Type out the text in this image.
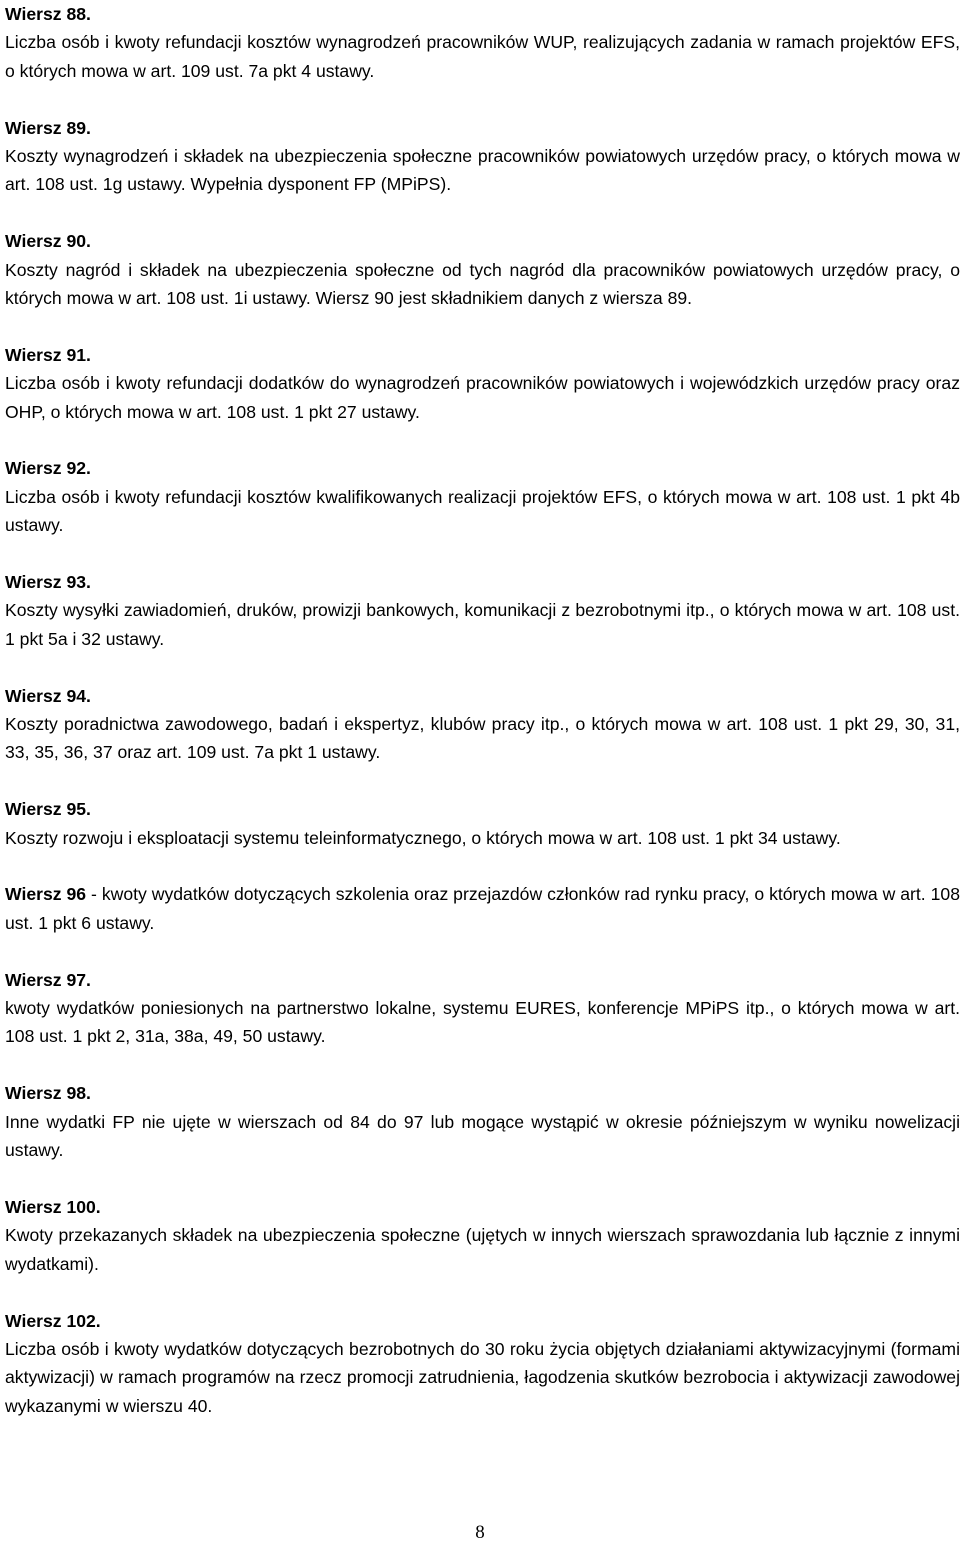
Wiersz 88.
Liczba osób i kwoty refundacji kosztów wynagrodzeń pracowników WUP, realizujących zadania w ramach projektów EFS, o których mowa w art. 109 ust. 7a pkt 4 ustawy.

Wiersz 89.
Koszty wynagrodzeń i składek na ubezpieczenia społeczne pracowników powiatowych urzędów pracy, o których mowa w art. 108 ust. 1g ustawy. Wypełnia dysponent FP (MPiPS).

Wiersz 90.
Koszty nagród i składek na ubezpieczenia społeczne od tych nagród dla pracowników powiatowych urzędów pracy, o których mowa w art. 108 ust. 1i ustawy. Wiersz 90 jest składnikiem danych z wiersza 89.

Wiersz 91.
Liczba osób i kwoty refundacji dodatków do wynagrodzeń pracowników powiatowych i wojewódzkich urzędów pracy oraz OHP, o których mowa w art. 108 ust. 1 pkt 27 ustawy.

Wiersz 92.
Liczba osób i kwoty refundacji kosztów kwalifikowanych realizacji projektów EFS, o których mowa w art. 108 ust. 1 pkt 4b ustawy.

Wiersz 93.
Koszty wysyłki zawiadomień, druków, prowizji bankowych, komunikacji z bezrobotnymi itp., o których mowa w art. 108 ust. 1 pkt 5a i 32 ustawy.

Wiersz 94.
Koszty poradnictwa zawodowego, badań i ekspertyz, klubów pracy itp., o których mowa w art. 108 ust. 1 pkt 29, 30, 31, 33, 35, 36, 37 oraz art. 109 ust. 7a pkt 1 ustawy.

Wiersz 95.
Koszty rozwoju i eksploatacji systemu teleinformatycznego, o których mowa w art. 108 ust. 1 pkt 34 ustawy.

Wiersz 96 - kwoty wydatków dotyczących szkolenia oraz przejazdów członków rad rynku pracy, o których mowa w art. 108 ust. 1 pkt 6 ustawy.

Wiersz 97.
kwoty wydatków poniesionych na partnerstwo lokalne, systemu EURES, konferencje MPiPS itp., o których mowa w art. 108 ust. 1 pkt 2, 31a, 38a, 49, 50 ustawy.

Wiersz 98.
Inne wydatki FP nie ujęte w wierszach od 84 do 97 lub mogące wystąpić w okresie późniejszym w wyniku nowelizacji ustawy.

Wiersz 100.
Kwoty przekazanych składek na ubezpieczenia społeczne (ujętych w innych wierszach sprawozdania lub łącznie z innymi wydatkami).

Wiersz 102.
Liczba osób i kwoty wydatków dotyczących bezrobotnych do 30 roku życia objętych działaniami aktywizacyjnymi (formami aktywizacji) w ramach programów na rzecz promocji zatrudnienia, łagodzenia skutków bezrobocia i aktywizacji zawodowej wykazanymi w wierszu 40.

8
